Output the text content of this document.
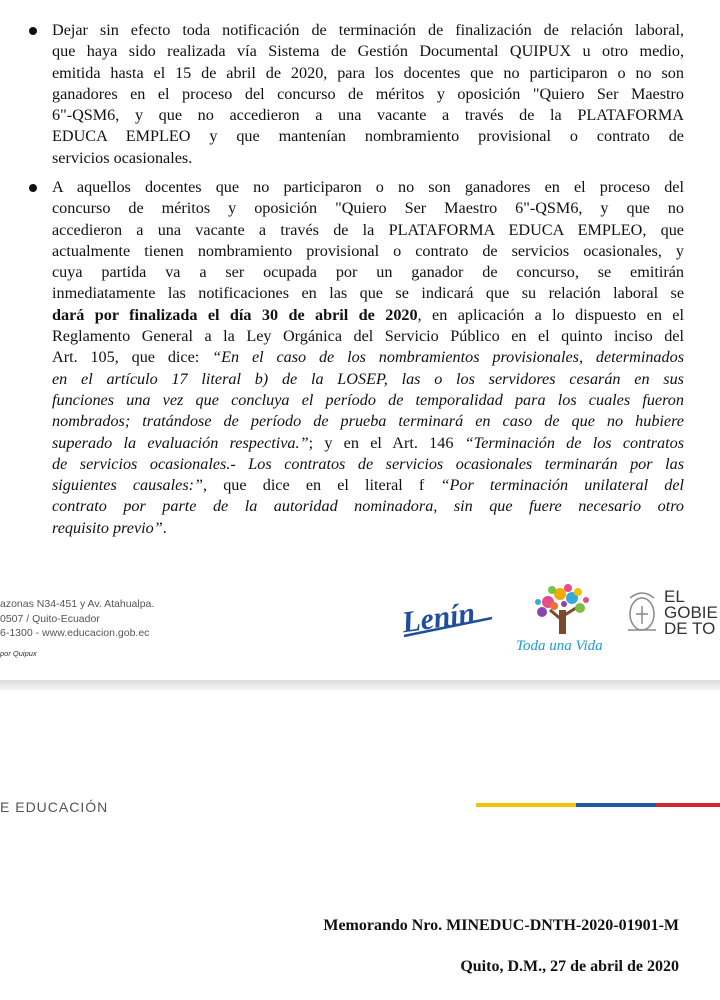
Dejar sin efecto toda notificación de terminación de finalización de relación laboral,
que haya sido realizada vía Sistema de Gestión Documental QUIPUX u otro medio,
emitida hasta el 15 de abril de 2020, para los docentes que no participaron o no son
ganadores en el proceso del concurso de méritos y oposición "Quiero Ser Maestro
6"-QSM6, y que no accedieron a una vacante a través de la PLATAFORMA
EDUCA EMPLEO y que mantenían nombramiento provisional o contrato de
servicios ocasionales.
A aquellos docentes que no participaron o no son ganadores en el proceso del
concurso de méritos y oposición "Quiero Ser Maestro 6"-QSM6, y que no
accedieron a una vacante a través de la PLATAFORMA EDUCA EMPLEO, que
actualmente tienen nombramiento provisional o contrato de servicios ocasionales, y
cuya partida va a ser ocupada por un ganador de concurso, se emitirán
inmediatamente las notificaciones en las que se indicará que su relación laboral se
dará por finalizada el día 30 de abril de 2020, en aplicación a lo dispuesto en el
Reglamento General a la Ley Orgánica del Servicio Público en el quinto inciso del
Art. 105, que dice: “En el caso de los nombramientos provisionales, determinados
en el artículo 17 literal b) de la LOSEP, las o los servidores cesarán en sus
funciones una vez que concluya el período de temporalidad para los cuales fueron
nombrados; tratándose de período de prueba terminará en caso de que no hubiere
superado la evaluación respectiva.”; y en el Art. 146 “Terminación de los contratos
de servicios ocasionales.- Los contratos de servicios ocasionales terminarán por las
siguientes causales:”, que dice en el literal f “Por terminación unilateral del
contrato por parte de la autoridad nominadora, sin que fuere necesario otro
requisito previo”.
azonas N34-451 y Av. Atahualpa.
0507 / Quito-Ecuador
6-1300 - www.educacion.gob.ec
por Quipux
Lenín
Toda una Vida
EL
GOBIE
DE TO
E EDUCACIÓN
Memorando Nro. MINEDUC-DNTH-2020-01901-M
Quito, D.M., 27 de abril de 2020
